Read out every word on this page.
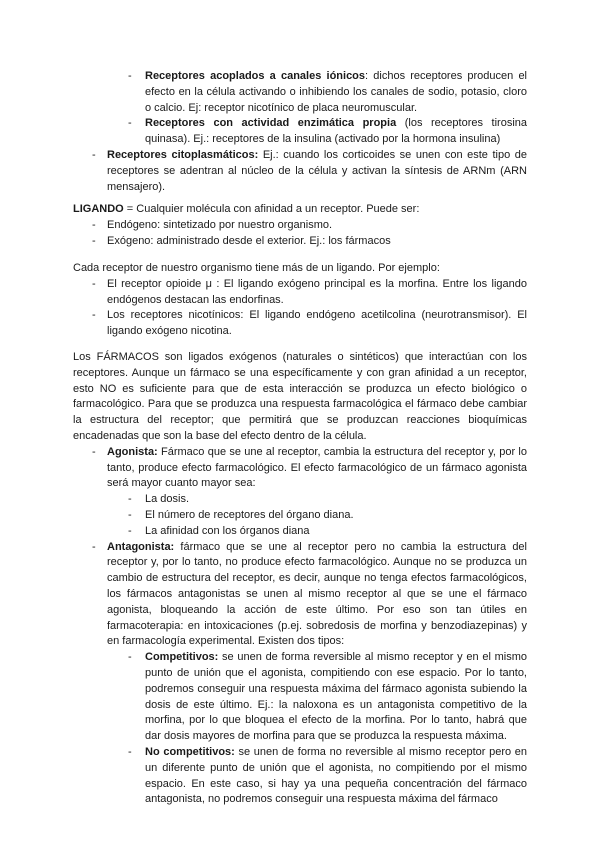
- Receptores acoplados a canales iónicos: dichos receptores producen el efecto en la célula activando o inhibiendo los canales de sodio, potasio, cloro o calcio. Ej: receptor nicotínico de placa neuromuscular.
- Receptores con actividad enzimática propia (los receptores tirosina quinasa). Ej.: receptores de la insulina (activado por la hormona insulina)
- Receptores citoplasmáticos: Ej.: cuando los corticoides se unen con este tipo de receptores se adentran al núcleo de la célula y activan la síntesis de ARNm (ARN mensajero).
LIGANDO = Cualquier molécula con afinidad a un receptor. Puede ser:
- Endógeno: sintetizado por nuestro organismo.
- Exógeno: administrado desde el exterior. Ej.: los fármacos
Cada receptor de nuestro organismo tiene más de un ligando. Por ejemplo:
- El receptor opioide μ : El ligando exógeno principal es la morfina. Entre los ligando endógenos destacan las endorfinas.
- Los receptores nicotínicos: El ligando endógeno acetilcolina (neurotransmisor). El ligando exógeno nicotina.
Los FÁRMACOS son ligados exógenos (naturales o sintéticos) que interactúan con los receptores. Aunque un fármaco se una específicamente y con gran afinidad a un receptor, esto NO es suficiente para que de esta interacción se produzca un efecto biológico o farmacológico. Para que se produzca una respuesta farmacológica el fármaco debe cambiar la estructura del receptor; que permitirá que se produzcan reacciones bioquímicas encadenadas que son la base del efecto dentro de la célula.
- Agonista: Fármaco que se une al receptor, cambia la estructura del receptor y, por lo tanto, produce efecto farmacológico. El efecto farmacológico de un fármaco agonista será mayor cuanto mayor sea:
- La dosis.
- El número de receptores del órgano diana.
- La afinidad con los órganos diana
- Antagonista: fármaco que se une al receptor pero no cambia la estructura del receptor y, por lo tanto, no produce efecto farmacológico. Aunque no se produzca un cambio de estructura del receptor, es decir, aunque no tenga efectos farmacológicos, los fármacos antagonistas se unen al mismo receptor al que se une el fármaco agonista, bloqueando la acción de este último. Por eso son tan útiles en farmacoterapia: en intoxicaciones (p.ej. sobredosis de morfina y benzodiazepinas) y en farmacología experimental. Existen dos tipos:
- Competitivos: se unen de forma reversible al mismo receptor y en el mismo punto de unión que el agonista, compitiendo con ese espacio. Por lo tanto, podremos conseguir una respuesta máxima del fármaco agonista subiendo la dosis de este último. Ej.: la naloxona es un antagonista competitivo de la morfina, por lo que bloquea el efecto de la morfina. Por lo tanto, habrá que dar dosis mayores de morfina para que se produzca la respuesta máxima.
- No competitivos: se unen de forma no reversible al mismo receptor pero en un diferente punto de unión que el agonista, no compitiendo por el mismo espacio. En este caso, si hay ya una pequeña concentración del fármaco antagonista, no podremos conseguir una respuesta máxima del fármaco
